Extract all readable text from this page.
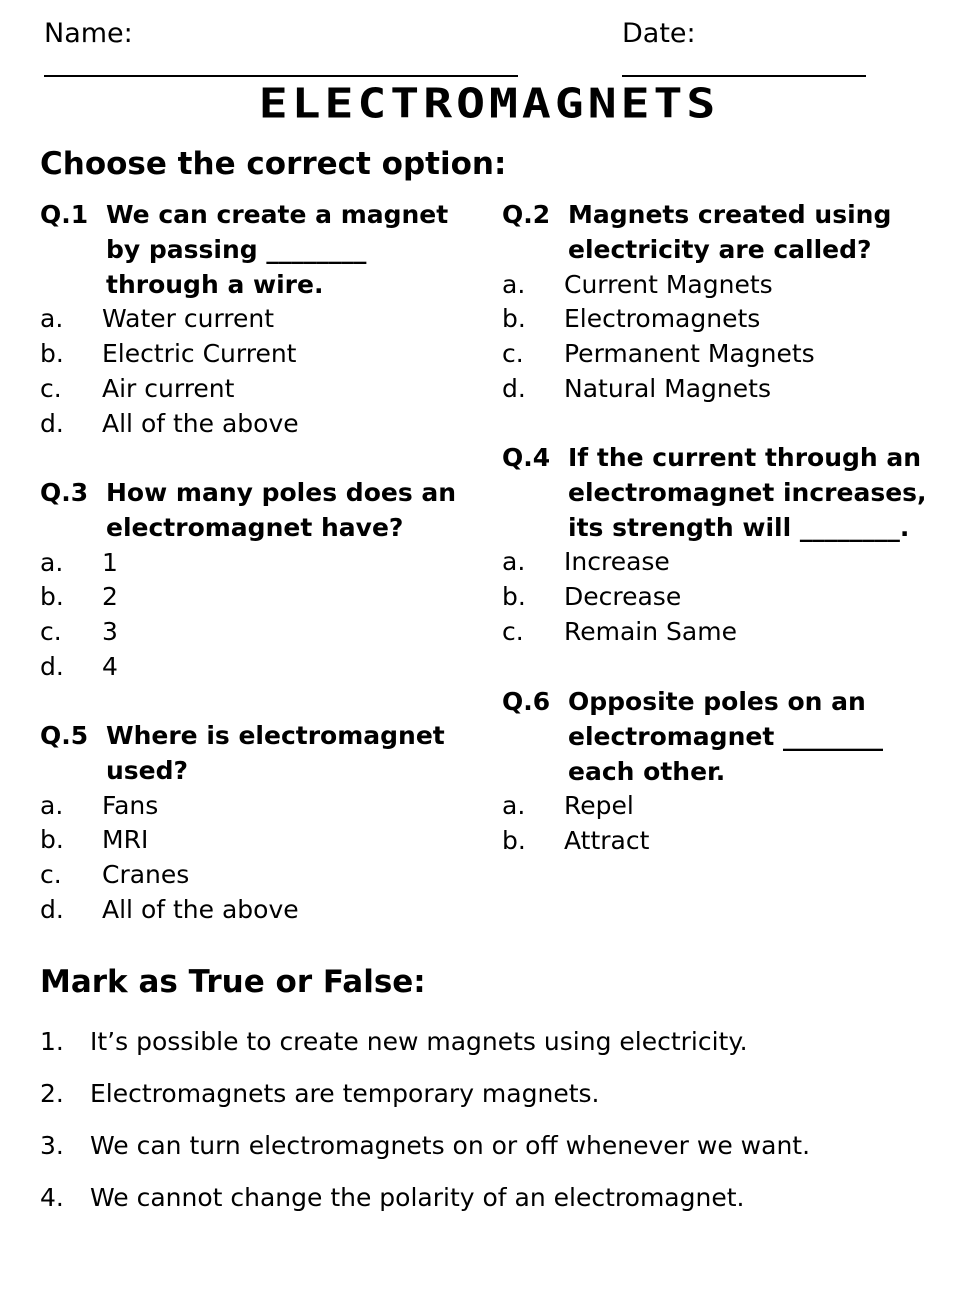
Name:	Date:
ELECTROMAGNETS
Choose the correct option:
Q.1 We can create a magnet by passing ________ through a wire.
a.	Water current
b.	Electric Current
c.	Air current
d.	All of the above
Q.2 Magnets created using electricity are called?
a.	Current Magnets
b.	Electromagnets
c.	Permanent Magnets
d.	Natural Magnets
Q.3 How many poles does an electromagnet have?
a.	1
b.	2
c.	3
d.	4
Q.4 If the current through an electromagnet increases, its strength will ________.
a.	Increase
b.	Decrease
c.	Remain Same
Q.5 Where is electromagnet used?
a.	Fans
b.	MRI
c.	Cranes
d.	All of the above
Q.6 Opposite poles on an electromagnet ________ each other.
a.	Repel
b.	Attract
Mark as True or False:
1.	It’s possible to create new magnets using electricity.
2.	Electromagnets are temporary magnets.
3.	We can turn electromagnets on or off whenever we want.
4.	We cannot change the polarity of an electromagnet.
